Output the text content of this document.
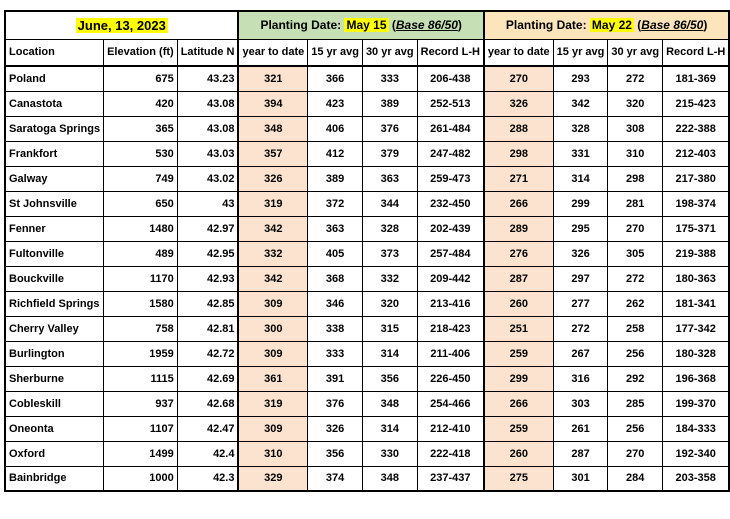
June, 13, 2023			Planting Date: May 15 (Base 86/50)				Planting Date: May 22 (Base 86/50)			
Location	Elevation (ft)	Latitude N	year to date	15 yr avg	30 yr avg	Record L-H	year to date	15 yr avg	30 yr avg	Record L-H
Poland	675	43.23	321	366	333	206-438	270	293	272	181-369
Canastota	420	43.08	394	423	389	252-513	326	342	320	215-423
Saratoga Springs	365	43.08	348	406	376	261-484	288	328	308	222-388
Frankfort	530	43.03	357	412	379	247-482	298	331	310	212-403
Galway	749	43.02	326	389	363	259-473	271	314	298	217-380
St Johnsville	650	43	319	372	344	232-450	266	299	281	198-374
Fenner	1480	42.97	342	363	328	202-439	289	295	270	175-371
Fultonville	489	42.95	332	405	373	257-484	276	326	305	219-388
Bouckville	1170	42.93	342	368	332	209-442	287	297	272	180-363
Richfield Springs	1580	42.85	309	346	320	213-416	260	277	262	181-341
Cherry Valley	758	42.81	300	338	315	218-423	251	272	258	177-342
Burlington	1959	42.72	309	333	314	211-406	259	267	256	180-328
Sherburne	1115	42.69	361	391	356	226-450	299	316	292	196-368
Cobleskill	937	42.68	319	376	348	254-466	266	303	285	199-370
Oneonta	1107	42.47	309	326	314	212-410	259	261	256	184-333
Oxford	1499	42.4	310	356	330	222-418	260	287	270	192-340
Bainbridge	1000	42.3	329	374	348	237-437	275	301	284	203-358
